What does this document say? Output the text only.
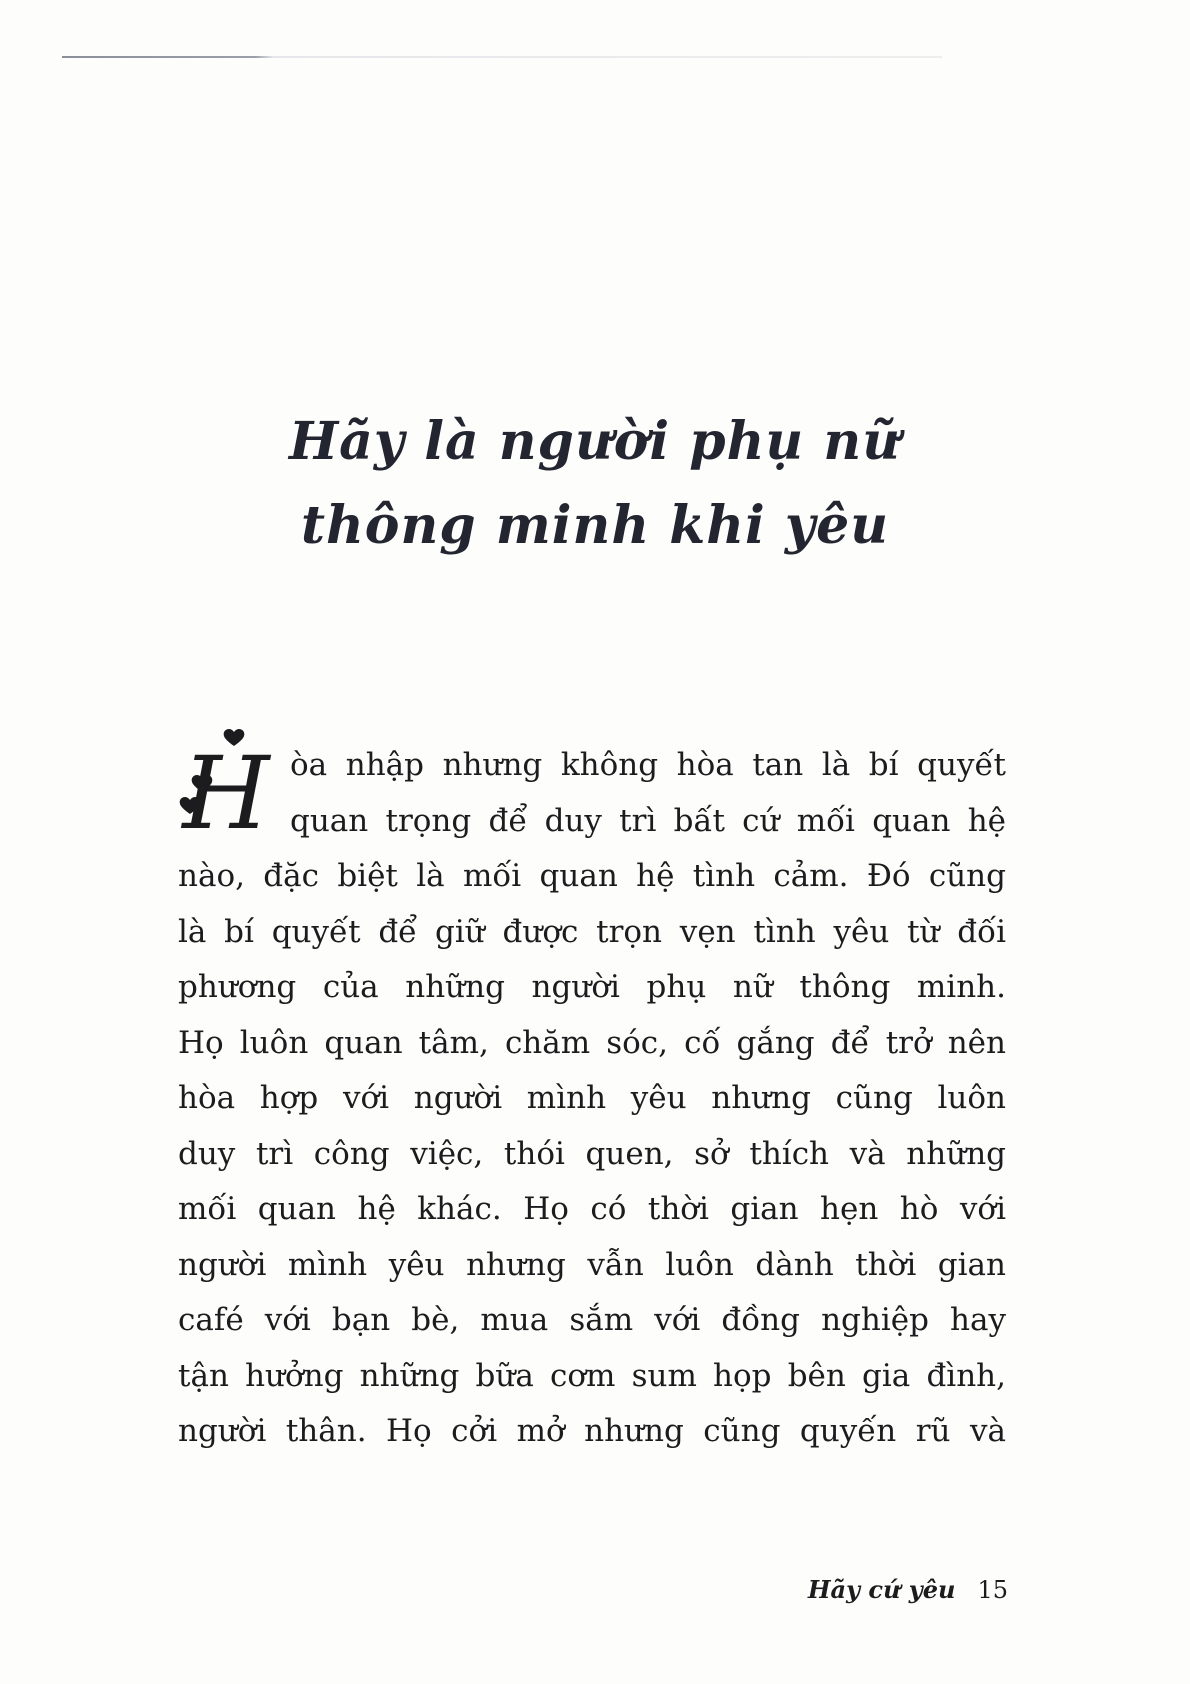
Hãy là người phụ nữ
thông minh khi yêu
H òa nhập nhưng không hòa tan là bí quyết
quan trọng để duy trì bất cứ mối quan hệ
nào, đặc biệt là mối quan hệ tình cảm. Đó cũng
là bí quyết để giữ được trọn vẹn tình yêu từ đối
phương của những người phụ nữ thông minh.
Họ luôn quan tâm, chăm sóc, cố gắng để trở nên
hòa hợp với người mình yêu nhưng cũng luôn
duy trì công việc, thói quen, sở thích và những
mối quan hệ khác. Họ có thời gian hẹn hò với
người mình yêu nhưng vẫn luôn dành thời gian
café với bạn bè, mua sắm với đồng nghiệp hay
tận hưởng những bữa cơm sum họp bên gia đình,
người thân. Họ cởi mở nhưng cũng quyến rũ và
Hãy cứ yêu 15
